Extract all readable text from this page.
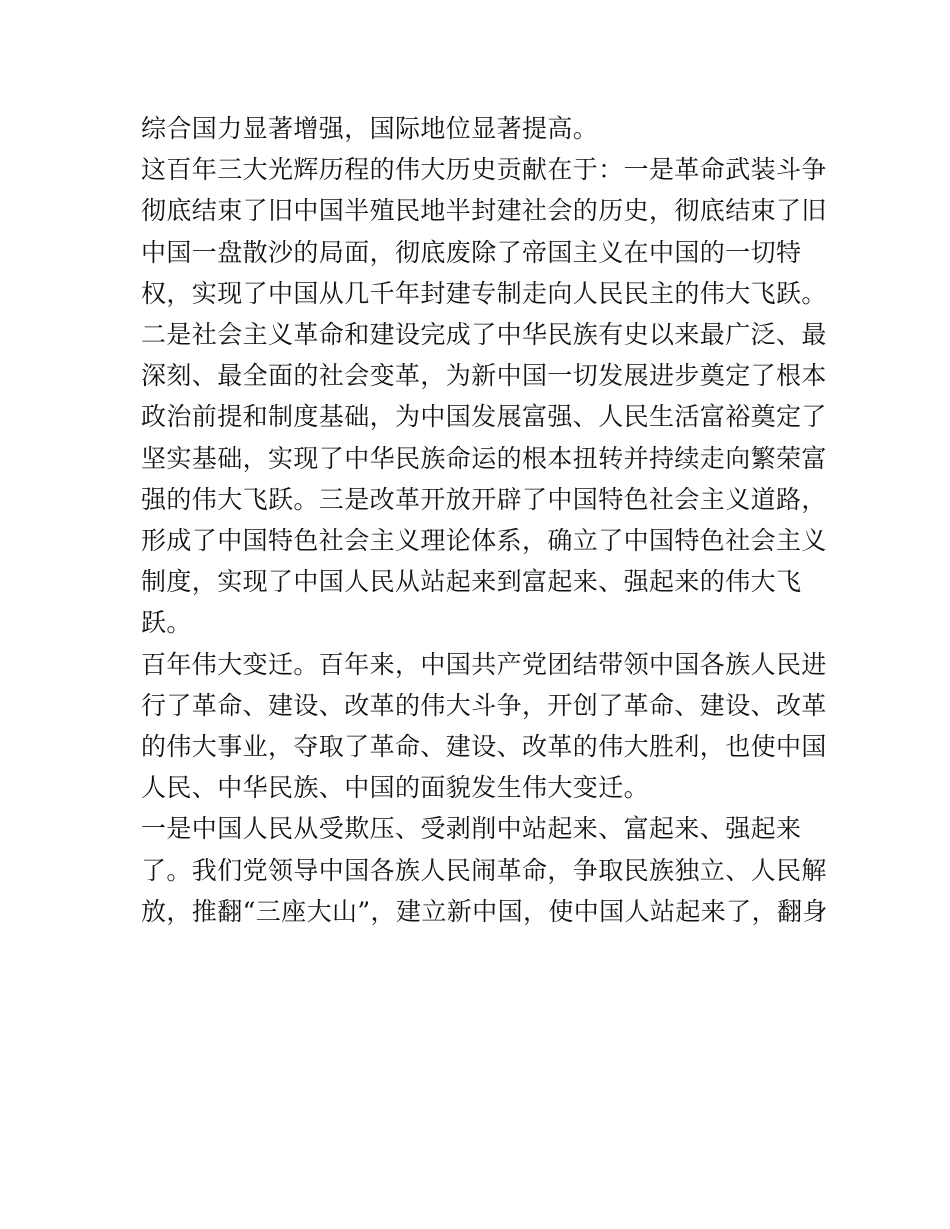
综合国力显著增强，国际地位显著提高。
这百年三大光辉历程的伟大历史贡献在于：一是革命武装斗争
彻底结束了旧中国半殖民地半封建社会的历史，彻底结束了旧
中国一盘散沙的局面，彻底废除了帝国主义在中国的一切特
权，实现了中国从几千年封建专制走向人民民主的伟大飞跃。
二是社会主义革命和建设完成了中华民族有史以来最广泛、最
深刻、最全面的社会变革，为新中国一切发展进步奠定了根本
政治前提和制度基础，为中国发展富强、人民生活富裕奠定了
坚实基础，实现了中华民族命运的根本扭转并持续走向繁荣富
强的伟大飞跃。三是改革开放开辟了中国特色社会主义道路，
形成了中国特色社会主义理论体系，确立了中国特色社会主义
制度，实现了中国人民从站起来到富起来、强起来的伟大飞
跃。
百年伟大变迁。百年来，中国共产党团结带领中国各族人民进
行了革命、建设、改革的伟大斗争，开创了革命、建设、改革
的伟大事业，夺取了革命、建设、改革的伟大胜利，也使中国
人民、中华民族、中国的面貌发生伟大变迁。
一是中国人民从受欺压、受剥削中站起来、富起来、强起来
了。我们党领导中国各族人民闹革命，争取民族独立、人民解
放，推翻“三座大山”，建立新中国，使中国人站起来了，翻身
